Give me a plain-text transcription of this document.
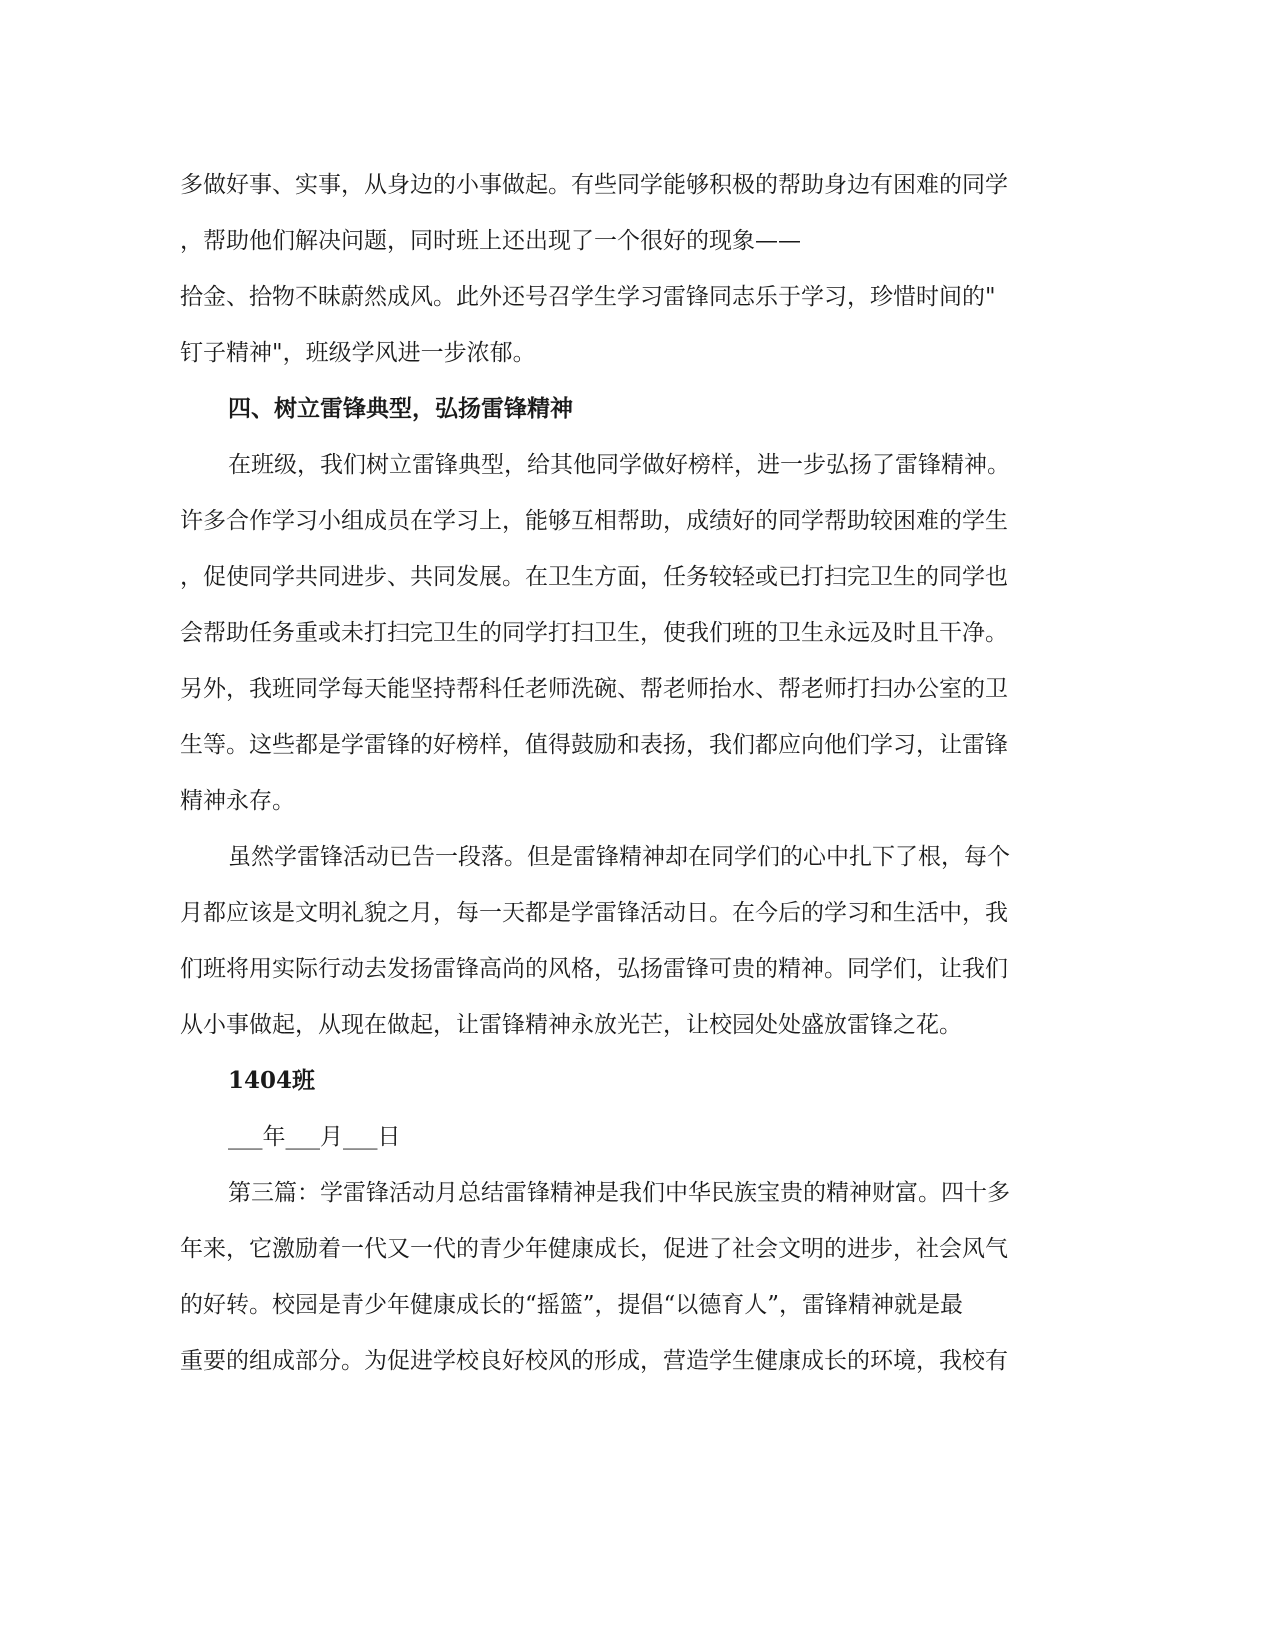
多做好事、实事，从身边的小事做起。有些同学能够积极的帮助身边有困难的同学
，帮助他们解决问题，同时班上还出现了一个很好的现象——
拾金、拾物不昧蔚然成风。此外还号召学生学习雷锋同志乐于学习，珍惜时间的"
钉子精神"，班级学风进一步浓郁。
四、树立雷锋典型，弘扬雷锋精神
在班级，我们树立雷锋典型，给其他同学做好榜样，进一步弘扬了雷锋精神。
许多合作学习小组成员在学习上，能够互相帮助，成绩好的同学帮助较困难的学生
，促使同学共同进步、共同发展。在卫生方面，任务较轻或已打扫完卫生的同学也
会帮助任务重或未打扫完卫生的同学打扫卫生，使我们班的卫生永远及时且干净。
另外，我班同学每天能坚持帮科任老师洗碗、帮老师抬水、帮老师打扫办公室的卫
生等。这些都是学雷锋的好榜样，值得鼓励和表扬，我们都应向他们学习，让雷锋
精神永存。
虽然学雷锋活动已告一段落。但是雷锋精神却在同学们的心中扎下了根，每个
月都应该是文明礼貌之月，每一天都是学雷锋活动日。在今后的学习和生活中，我
们班将用实际行动去发扬雷锋高尚的风格，弘扬雷锋可贵的精神。同学们，让我们
从小事做起，从现在做起，让雷锋精神永放光芒，让校园处处盛放雷锋之花。
1404班
___年___月___日
第三篇：学雷锋活动月总结雷锋精神是我们中华民族宝贵的精神财富。四十多
年来，它激励着一代又一代的青少年健康成长，促进了社会文明的进步，社会风气
的好转。校园是青少年健康成长的“摇篮”，提倡“以德育人”，雷锋精神就是最
重要的组成部分。为促进学校良好校风的形成，营造学生健康成长的环境，我校有
